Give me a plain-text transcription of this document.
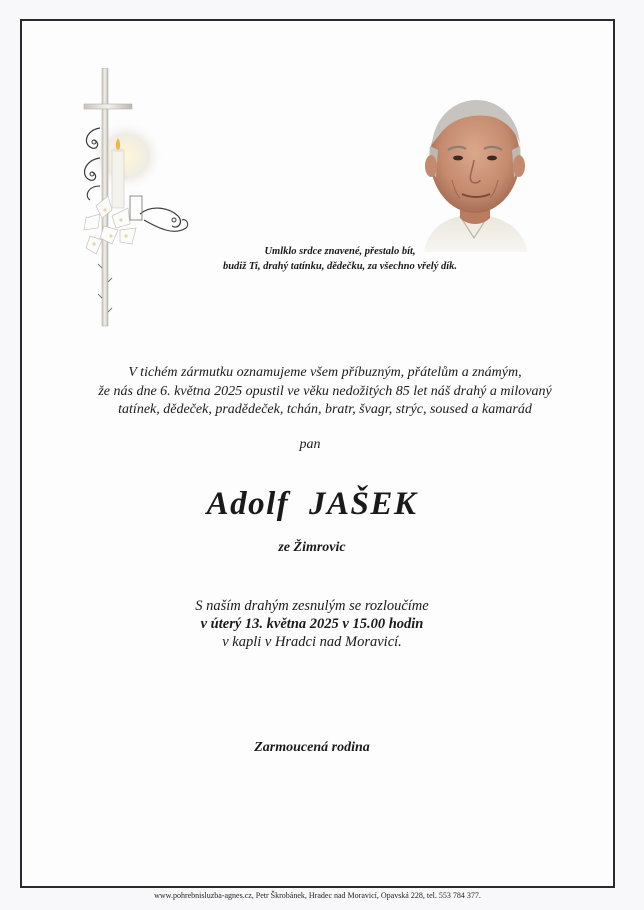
Umlklo srdce znavené, přestalo bít,
budiž Ti, drahý tatínku, dědečku, za všechno vřelý dík.
V tichém zármutku oznamujeme všem příbuzným, přátelům a známým,
že nás dne 6. května 2025 opustil ve věku nedožitých 85 let náš drahý a milovaný
tatínek, dědeček, pradědeček, tchán, bratr, švagr, strýc, soused a kamarád
pan
Adolf JAŠEK
ze Žimrovic
S naším drahým zesnulým se rozloučíme
v úterý 13. května 2025 v 15.00 hodin
v kapli v Hradci nad Moravicí.
Zarmoucená rodina
www.pohrebnisluzba-agnes.cz, Petr Škrobánek, Hradec nad Moravicí, Opavská 228, tel. 553 784 377.
